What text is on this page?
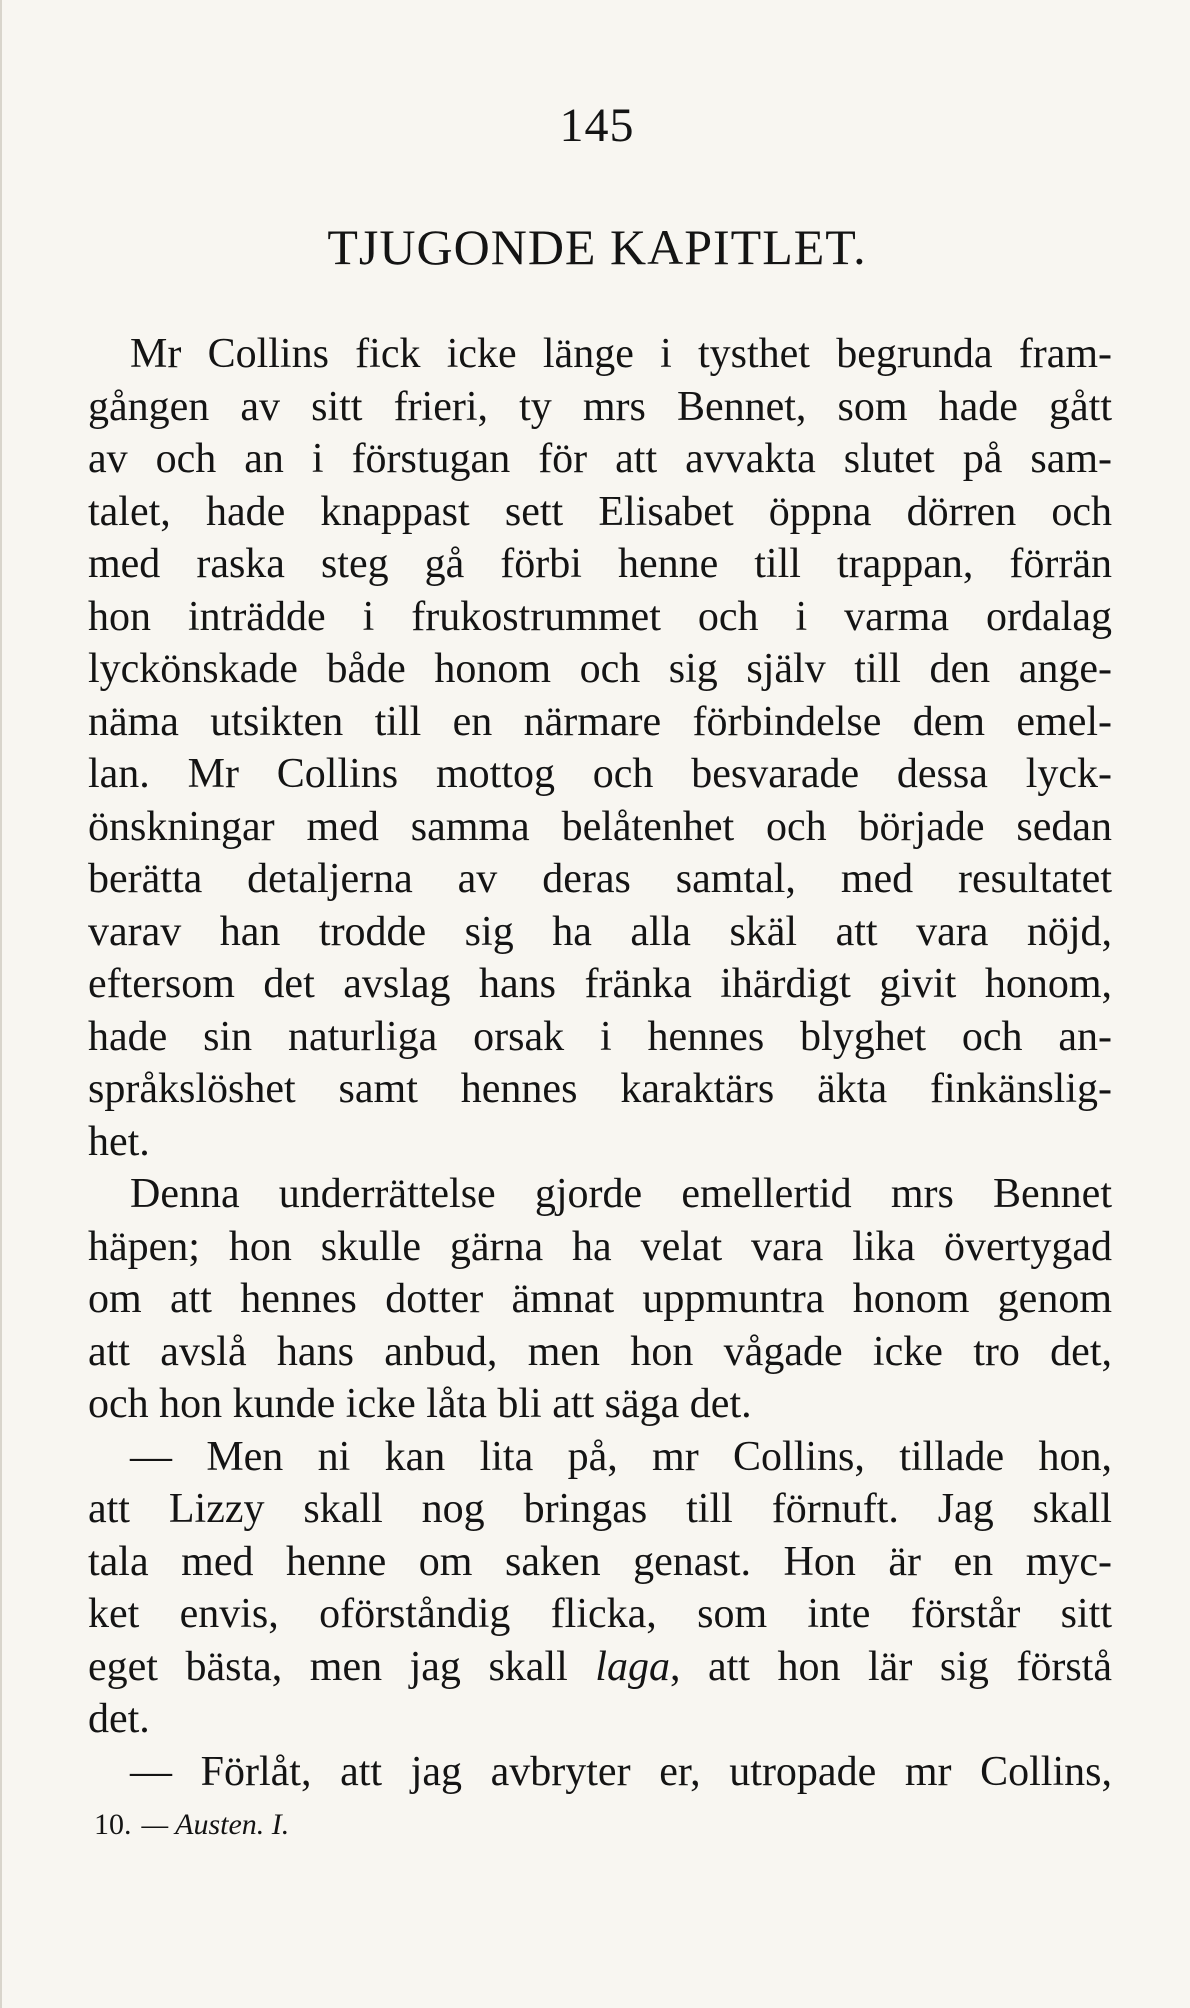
145
TJUGONDE KAPITLET.
Mr Collins fick icke länge i tysthet begrunda fram-
gången av sitt frieri, ty mrs Bennet, som hade gått
av och an i förstugan för att avvakta slutet på sam-
talet, hade knappast sett Elisabet öppna dörren och
med raska steg gå förbi henne till trappan, förrän
hon inträdde i frukostrummet och i varma ordalag
lyckönskade både honom och sig själv till den ange-
näma utsikten till en närmare förbindelse dem emel-
lan. Mr Collins mottog och besvarade dessa lyck-
önskningar med samma belåtenhet och började sedan
berätta detaljerna av deras samtal, med resultatet
varav han trodde sig ha alla skäl att vara nöjd,
eftersom det avslag hans fränka ihärdigt givit honom,
hade sin naturliga orsak i hennes blyghet och an-
språkslöshet samt hennes karaktärs äkta finkänslig-
het.
Denna underrättelse gjorde emellertid mrs Bennet
häpen; hon skulle gärna ha velat vara lika övertygad
om att hennes dotter ämnat uppmuntra honom genom
att avslå hans anbud, men hon vågade icke tro det,
och hon kunde icke låta bli att säga det.
— Men ni kan lita på, mr Collins, tillade hon,
att Lizzy skall nog bringas till förnuft. Jag skall
tala med henne om saken genast. Hon är en myc-
ket envis, oförståndig flicka, som inte förstår sitt
eget bästa, men jag skall laga, att hon lär sig förstå
det.
— Förlåt, att jag avbryter er, utropade mr Collins,
10. — Austen. I.
